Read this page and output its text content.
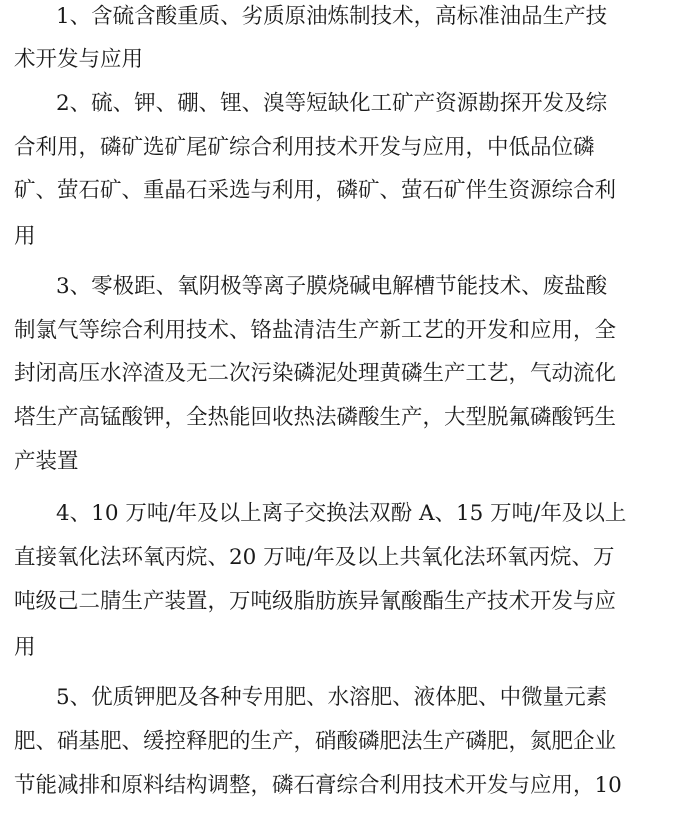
1、含硫含酸重质、劣质原油炼制技术，高标准油品生产技
术开发与应用
2、硫、钾、硼、锂、溴等短缺化工矿产资源勘探开发及综
合利用，磷矿选矿尾矿综合利用技术开发与应用，中低品位磷
矿、萤石矿、重晶石采选与利用，磷矿、萤石矿伴生资源综合利
用
3、零极距、氧阴极等离子膜烧碱电解槽节能技术、废盐酸
制氯气等综合利用技术、铬盐清洁生产新工艺的开发和应用，全
封闭高压水淬渣及无二次污染磷泥处理黄磷生产工艺，气动流化
塔生产高锰酸钾，全热能回收热法磷酸生产，大型脱氟磷酸钙生
产装置
4、10 万吨/年及以上离子交换法双酚 A、15 万吨/年及以上
直接氧化法环氧丙烷、20 万吨/年及以上共氧化法环氧丙烷、万
吨级己二腈生产装置，万吨级脂肪族异氰酸酯生产技术开发与应
用
5、优质钾肥及各种专用肥、水溶肥、液体肥、中微量元素
肥、硝基肥、缓控释肥的生产，硝酸磷肥法生产磷肥，氮肥企业
节能减排和原料结构调整，磷石膏综合利用技术开发与应用，10
